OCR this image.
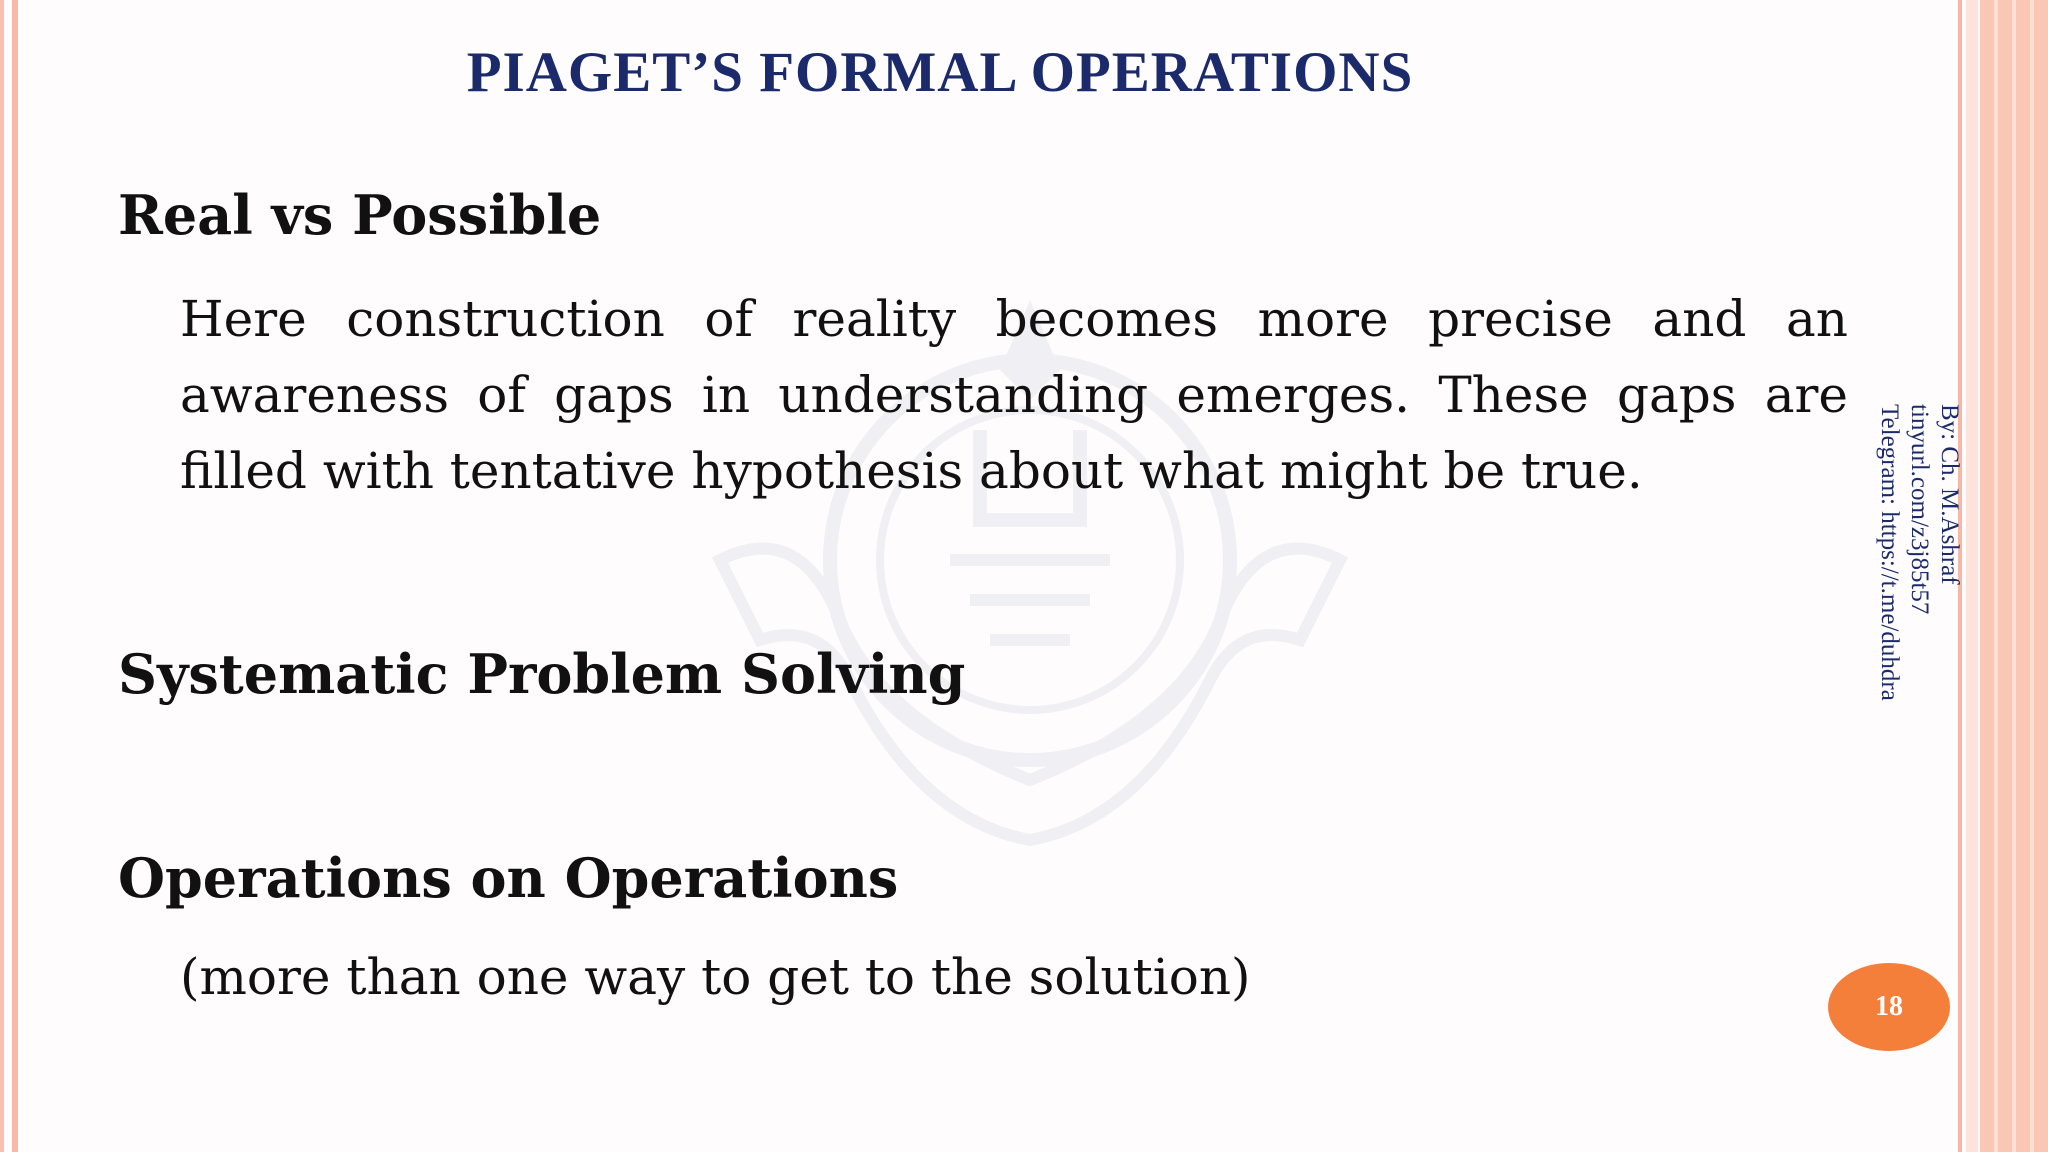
PIAGET’S FORMAL OPERATIONS
Real vs Possible
Here construction of reality becomes more precise and an awareness of gaps in understanding emerges. These gaps are filled with tentative hypothesis about what might be true.
Systematic Problem Solving
Operations on Operations
(more than one way to get to the solution)
By: Ch. M.Ashraf
tinyurl.com/z3j85t57
Telegram: https://t.me/duhdra
18
